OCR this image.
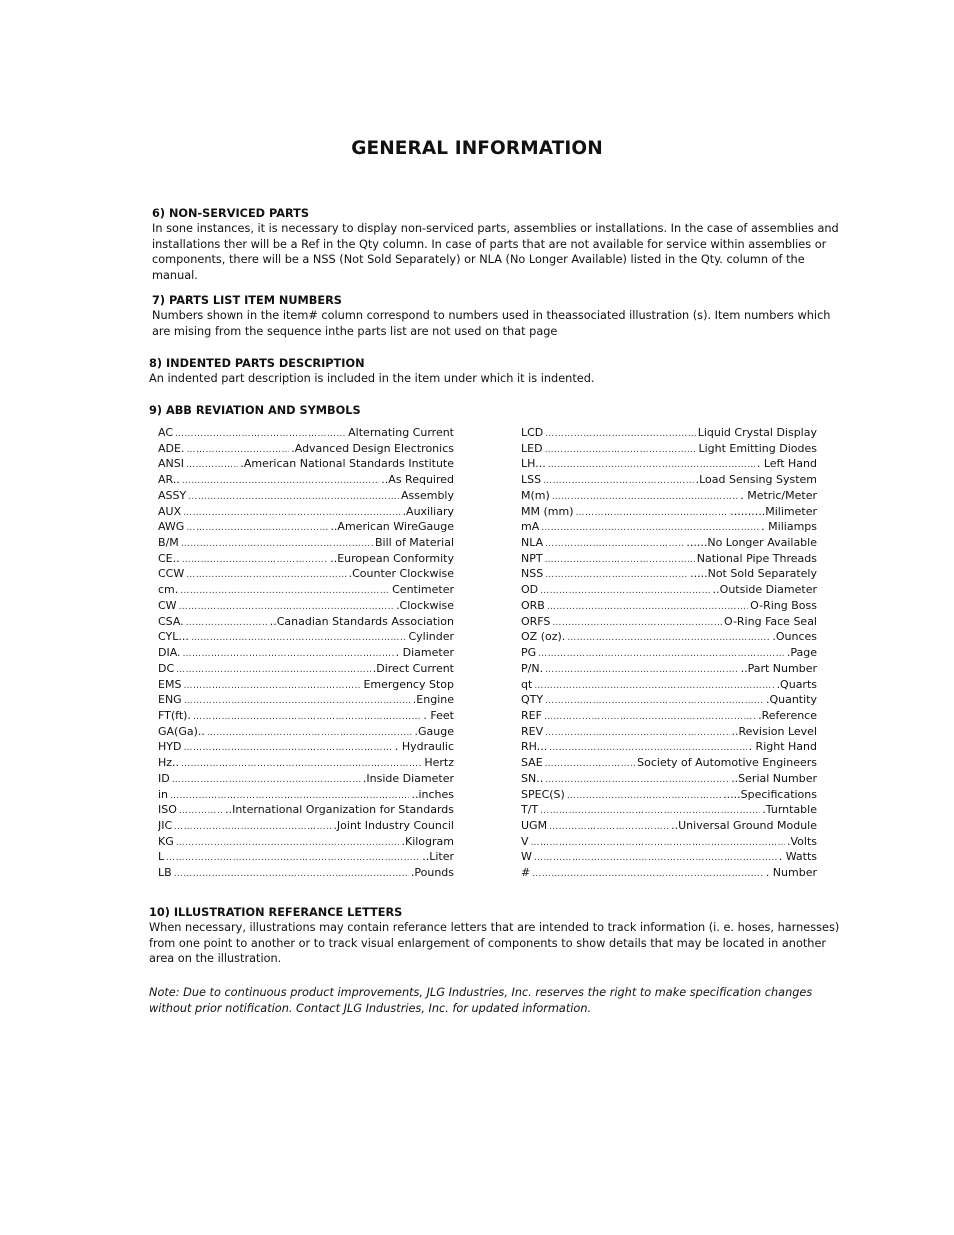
GENERAL INFORMATION
6) NON-SERVICED PARTS

In sone instances, it is necessary to display non-serviced parts, assemblies or installations. In the case of assemblies and installations ther will be a Ref in the Qty column. In case of parts that are not available for service within assemblies or components, there will be a NSS (Not Sold Separately) or NLA (No Longer Available) listed in the Qty. column of the manual.

7) PARTS LIST ITEM NUMBERS

Numbers shown in the item# column correspond to numbers used in theassociated illustration (s). Item numbers which are mising from the sequence inthe parts list are not used on that page

8) INDENTED PARTS DESCRIPTION

An indented part description is included in the item under which it is indented.

9) ABB REVIATION AND SYMBOLS
AC …………………………………………………………………………………………………………	Alternating Current
ADE. …………………………………………………………………………………………………………	.Advanced Design Electronics
ANSI …………………………………………………………………………………………………………	.American National Standards Institute
AR.. …………………………………………………………………………………………………………	..As Required
ASSY …………………………………………………………………………………………………………	Assembly
AUX …………………………………………………………………………………………………………	.Auxiliary
AWG …………………………………………………………………………………………………………	..American WireGauge
B/M …………………………………………………………………………………………………………	Bill of Material
CE.. …………………………………………………………………………………………………………	..European Conformity
CCW …………………………………………………………………………………………………………	.Counter Clockwise
cm. …………………………………………………………………………………………………………	Centimeter
CW …………………………………………………………………………………………………………	.Clockwise
CSA. …………………………………………………………………………………………………………	..Canadian Standards Association
CYL... …………………………………………………………………………………………………………	Cylinder
DIA. …………………………………………………………………………………………………………	. Diameter
DC …………………………………………………………………………………………………………	.Direct Current
EMS …………………………………………………………………………………………………………	Emergency Stop
ENG …………………………………………………………………………………………………………	.Engine
FT(ft). …………………………………………………………………………………………………………	. Feet
GA(Ga).. …………………………………………………………………………………………………………	.Gauge
HYD …………………………………………………………………………………………………………	. Hydraulic
Hz.. …………………………………………………………………………………………………………	Hertz
ID …………………………………………………………………………………………………………	.Inside Diameter
in …………………………………………………………………………………………………………	..inches
ISO …………………………………………………………………………………………………………	..International Organization for Standards
JIC …………………………………………………………………………………………………………	.Joint Industry Council
KG …………………………………………………………………………………………………………	.Kilogram
L …………………………………………………………………………………………………………	..Liter
LB …………………………………………………………………………………………………………	.Pounds
LCD …………………………………………………………………………………………………………	Liquid Crystal Display
LED …………………………………………………………………………………………………………	Light Emitting Diodes
LH... …………………………………………………………………………………………………………	. Left Hand
LSS …………………………………………………………………………………………………………	.Load Sensing System
M(m) …………………………………………………………………………………………………………	. Metric/Meter
MM (mm) …………………………………………………………………………………………………………	..........Milimeter
mA …………………………………………………………………………………………………………	. Miliamps
NLA …………………………………………………………………………………………………………	......No Longer Available
NPT …………………………………………………………………………………………………………	National Pipe Threads
NSS …………………………………………………………………………………………………………	.....Not Sold Separately
OD …………………………………………………………………………………………………………	..Outside Diameter
ORB …………………………………………………………………………………………………………	O-Ring Boss
ORFS …………………………………………………………………………………………………………	O-Ring Face Seal
OZ (oz). …………………………………………………………………………………………………………	.Ounces
PG …………………………………………………………………………………………………………	.Page
P/N. …………………………………………………………………………………………………………	..Part Number
qt …………………………………………………………………………………………………………	.Quarts
QTY …………………………………………………………………………………………………………	.Quantity
REF …………………………………………………………………………………………………………	.Reference
REV …………………………………………………………………………………………………………	..Revision Level
RH... …………………………………………………………………………………………………………	. Right Hand
SAE …………………………………………………………………………………………………………	Society of Automotive Engineers
SN.. …………………………………………………………………………………………………………	..Serial Number
SPEC(S) …………………………………………………………………………………………………………	.....Specifications
T/T …………………………………………………………………………………………………………	.Turntable
UGM …………………………………………………………………………………………………………	..Universal Ground Module
V …………………………………………………………………………………………………………	.Volts
W …………………………………………………………………………………………………………	. Watts
# …………………………………………………………………………………………………………	. Number
10) ILLUSTRATION REFERANCE LETTERS

When necessary, illustrations may contain referance letters that are intended to track information (i. e. hoses, harnesses) from one point to another or to track visual enlargement of components to show details that may be located in another area on the illustration.

Note: Due to continuous product improvements, JLG Industries, Inc. reserves the right to make specification changes without prior notification. Contact JLG Industries, Inc. for updated information.
